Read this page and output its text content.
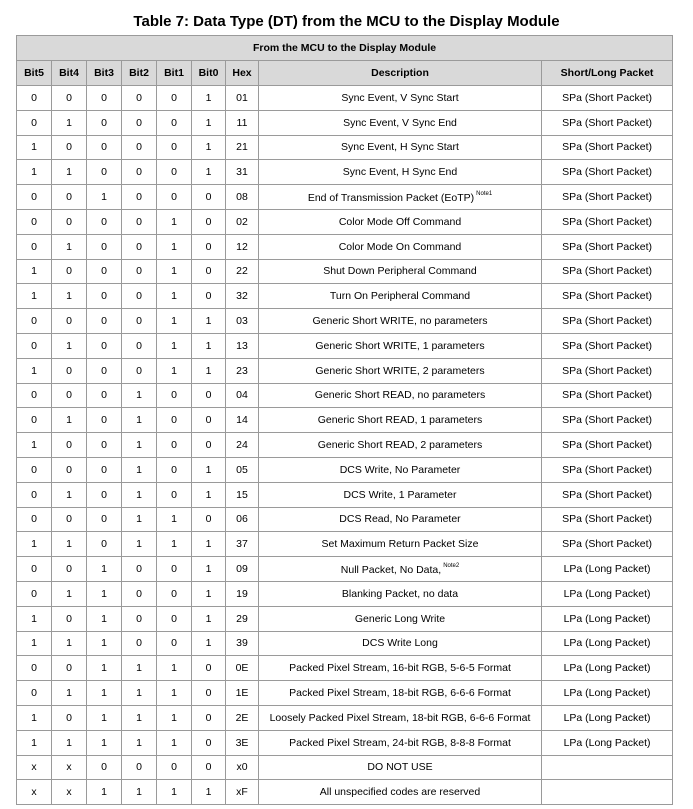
Table 7: Data Type (DT) from the MCU to the Display Module
From the MCU to the Display Module								
Bit5	Bit4	Bit3	Bit2	Bit1	Bit0	Hex	Description	Short/Long Packet
0	0	0	0	0	1	01	Sync Event, V Sync Start	SPa (Short Packet)
0	1	0	0	0	1	11	Sync Event, V Sync End	SPa (Short Packet)
1	0	0	0	0	1	21	Sync Event, H Sync Start	SPa (Short Packet)
1	1	0	0	0	1	31	Sync Event, H Sync End	SPa (Short Packet)
0	0	1	0	0	0	08	End of Transmission Packet (EoTP) $^{Note1}$	SPa (Short Packet)
0	0	0	0	1	0	02	Color Mode Off Command	SPa (Short Packet)
0	1	0	0	1	0	12	Color Mode On Command	SPa (Short Packet)
1	0	0	0	1	0	22	Shut Down Peripheral Command	SPa (Short Packet)
1	1	0	0	1	0	32	Turn On Peripheral Command	SPa (Short Packet)
0	0	0	0	1	1	03	Generic Short WRITE, no parameters	SPa (Short Packet)
0	1	0	0	1	1	13	Generic Short WRITE, 1 parameters	SPa (Short Packet)
1	0	0	0	1	1	23	Generic Short WRITE, 2 parameters	SPa (Short Packet)
0	0	0	1	0	0	04	Generic Short READ, no parameters	SPa (Short Packet)
0	1	0	1	0	0	14	Generic Short READ, 1 parameters	SPa (Short Packet)
1	0	0	1	0	0	24	Generic Short READ, 2 parameters	SPa (Short Packet)
0	0	0	1	0	1	05	DCS Write, No Parameter	SPa (Short Packet)
0	1	0	1	0	1	15	DCS Write, 1 Parameter	SPa (Short Packet)
0	0	0	1	1	0	06	DCS Read, No Parameter	SPa (Short Packet)
1	1	0	1	1	1	37	Set Maximum Return Packet Size	SPa (Short Packet)
0	0	1	0	0	1	09	Null Packet, No Data, $^{Note2}$	LPa (Long Packet)
0	1	1	0	0	1	19	Blanking Packet, no data	LPa (Long Packet)
1	0	1	0	0	1	29	Generic Long Write	LPa (Long Packet)
1	1	1	0	0	1	39	DCS Write Long	LPa (Long Packet)
0	0	1	1	1	0	0E	Packed Pixel Stream, 16-bit RGB, 5-6-5 Format	LPa (Long Packet)
0	1	1	1	1	0	1E	Packed Pixel Stream, 18-bit RGB, 6-6-6 Format	LPa (Long Packet)
1	0	1	1	1	0	2E	Loosely Packed Pixel Stream, 18-bit RGB, 6-6-6 Format	LPa (Long Packet)
1	1	1	1	1	0	3E	Packed Pixel Stream, 24-bit RGB, 8-8-8 Format	LPa (Long Packet)
x	x	0	0	0	0	x0	DO NOT USE	
x	x	1	1	1	1	xF	All unspecified codes are reserved	
